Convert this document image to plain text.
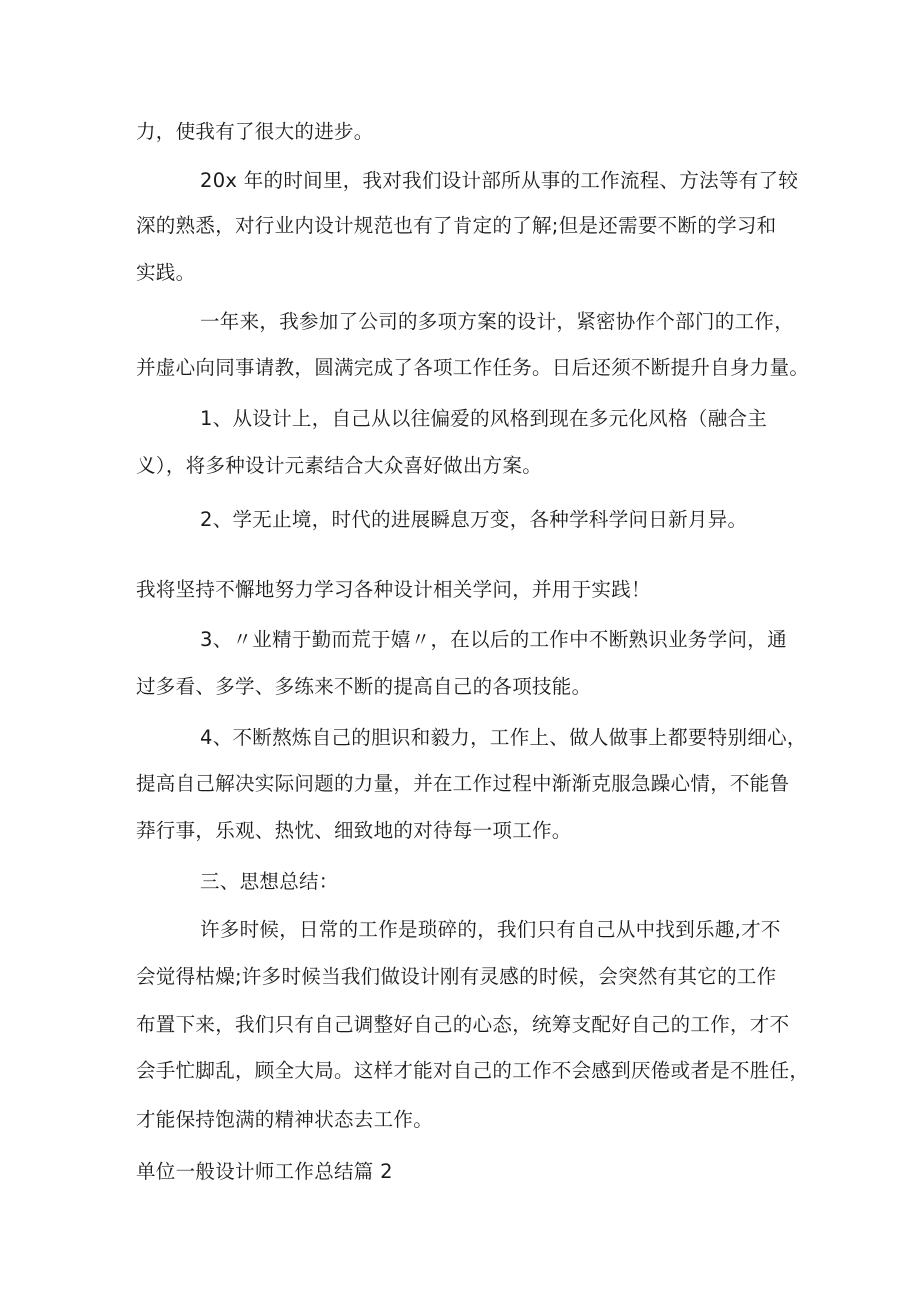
力，使我有了很大的进步。
20x 年的时间里，我对我们设计部所从事的工作流程、方法等有了较
深的熟悉，对行业内设计规范也有了肯定的了解;但是还需要不断的学习和
实践。
一年来，我参加了公司的多项方案的设计，紧密协作个部门的工作，
并虚心向同事请教，圆满完成了各项工作任务。日后还须不断提升自身力量。
1、从设计上，自己从以往偏爱的风格到现在多元化风格（融合主
义），将多种设计元素结合大众喜好做出方案。
2、学无止境，时代的进展瞬息万变，各种学科学问日新月异。
我将坚持不懈地努力学习各种设计相关学问，并用于实践！
3、〃业精于勤而荒于嬉〃，在以后的工作中不断熟识业务学问，通
过多看、多学、多练来不断的提高自己的各项技能。
4、不断熬炼自己的胆识和毅力，工作上、做人做事上都要特别细心，
提高自己解决实际问题的力量，并在工作过程中渐渐克服急躁心情，不能鲁
莽行事，乐观、热忱、细致地的对待每一项工作。
三、思想总结：
许多时候，日常的工作是琐碎的，我们只有自己从中找到乐趣,才不
会觉得枯燥;许多时候当我们做设计刚有灵感的时候，会突然有其它的工作
布置下来，我们只有自己调整好自己的心态，统筹支配好自己的工作，才不
会手忙脚乱，顾全大局。这样才能对自己的工作不会感到厌倦或者是不胜任，
才能保持饱满的精神状态去工作。
单位一般设计师工作总结篇 2
